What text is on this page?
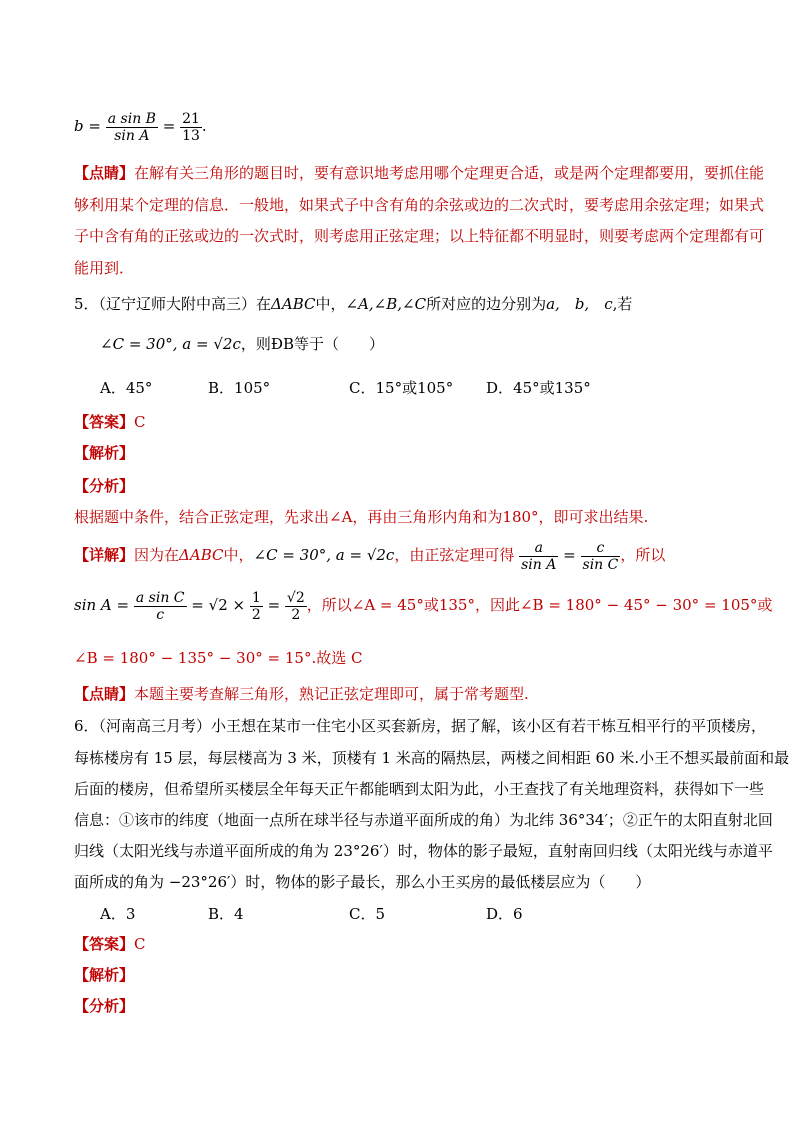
$b = \frac{\text{a sin B}}{\text{sin A}} = \frac{21}{13}$ .
【点睛】在解有关三角形的题目时，要有意识地考虑用哪个定理更合适，或是两个定理都要用，要抓住能
够利用某个定理的信息．一般地，如果式子中含有角的余弦或边的二次式时，要考虑用余弦定理；如果式
子中含有角的正弦或边的一次式时，则考虑用正弦定理；以上特征都不明显时，则要考虑两个定理都有可
能用到．
5．（辽宁辽师大附中高三）在ΔABC中，∠A,∠B,∠C所对应的边分别为a,　b,　c,若
∠C = 30°, a = √2c，则ÐB等于（　　）
A．45°	B．105°	C．15°或105° D．45°或135°
【答案】C
【解析】
【分析】
根据题中条件，结合正弦定理，先求出∠A，再由三角形内角和为180°，即可求出结果.
【详解】因为在ΔABC中，∠C = 30°, a = √2c，由正弦定理可得 $\frac{a}{\text{sin A}} = \frac{c}{\text{sin C}}$ ，所以
$\sin A = \frac{\text{a sin C}}{c} = √2 \times \frac{1}{2} = \frac{√2}{2}$ ，所以∠A = 45°或135°，因此∠B = 180° − 45° − 30° = 105°或
∠B = 180° − 135° − 30° = 15°.故选 C
【点睛】本题主要考查解三角形，熟记正弦定理即可，属于常考题型.
6．（河南高三月考）小王想在某市一住宅小区买套新房，据了解，该小区有若干栋互相平行的平顶楼房，
每栋楼房有 15 层，每层楼高为 3 米，顶楼有 1 米高的隔热层，两楼之间相距 60 米.小王不想买最前面和最
后面的楼房，但希望所买楼层全年每天正午都能晒到太阳为此，小王查找了有关地理资料，获得如下一些
信息：①该市的纬度（地面一点所在球半径与赤道平面所成的角）为北纬 36°34′；②正午的太阳直射北回
归线（太阳光线与赤道平面所成的角为 23°26′）时，物体的影子最短，直射南回归线（太阳光线与赤道平
面所成的角为 −23°26′）时，物体的影子最长，那么小王买房的最低楼层应为（　　）
A．3	B．4	C．5	D．6
【答案】C
【解析】
【分析】
